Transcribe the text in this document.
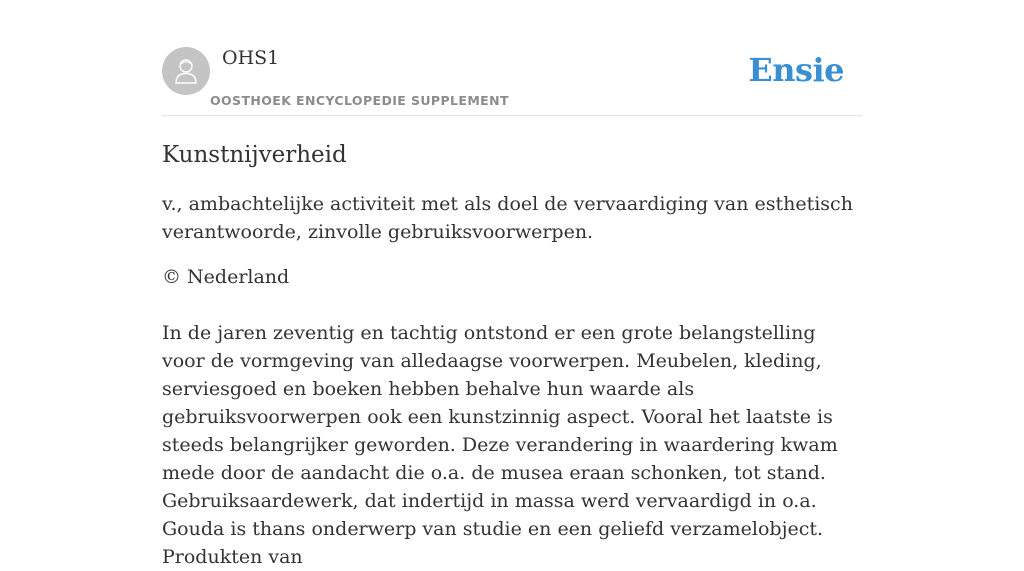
OHS1
OOSTHOEK ENCYCLOPEDIE SUPPLEMENT
Ensie
Kunstnijverheid

v., ambachtelijke activiteit met als doel de vervaardiging van esthetisch verantwoorde, zinvolle gebruiksvoorwerpen.

© Nederland

In de jaren zeventig en tachtig ontstond er een grote belangstelling voor de vormgeving van alledaagse voorwerpen. Meubelen, kleding, serviesgoed en boeken hebben behalve hun waarde als gebruiksvoorwerpen ook een kunstzinnig aspect. Vooral het laatste is steeds belangrijker geworden. Deze verandering in waardering kwam mede door de aandacht die o.a. de musea eraan schonken, tot stand. Gebruiksaardewerk, dat indertijd in massa werd vervaardigd in o.a. Gouda is thans onderwerp van studie en een geliefd verzamelobject. Produkten van
